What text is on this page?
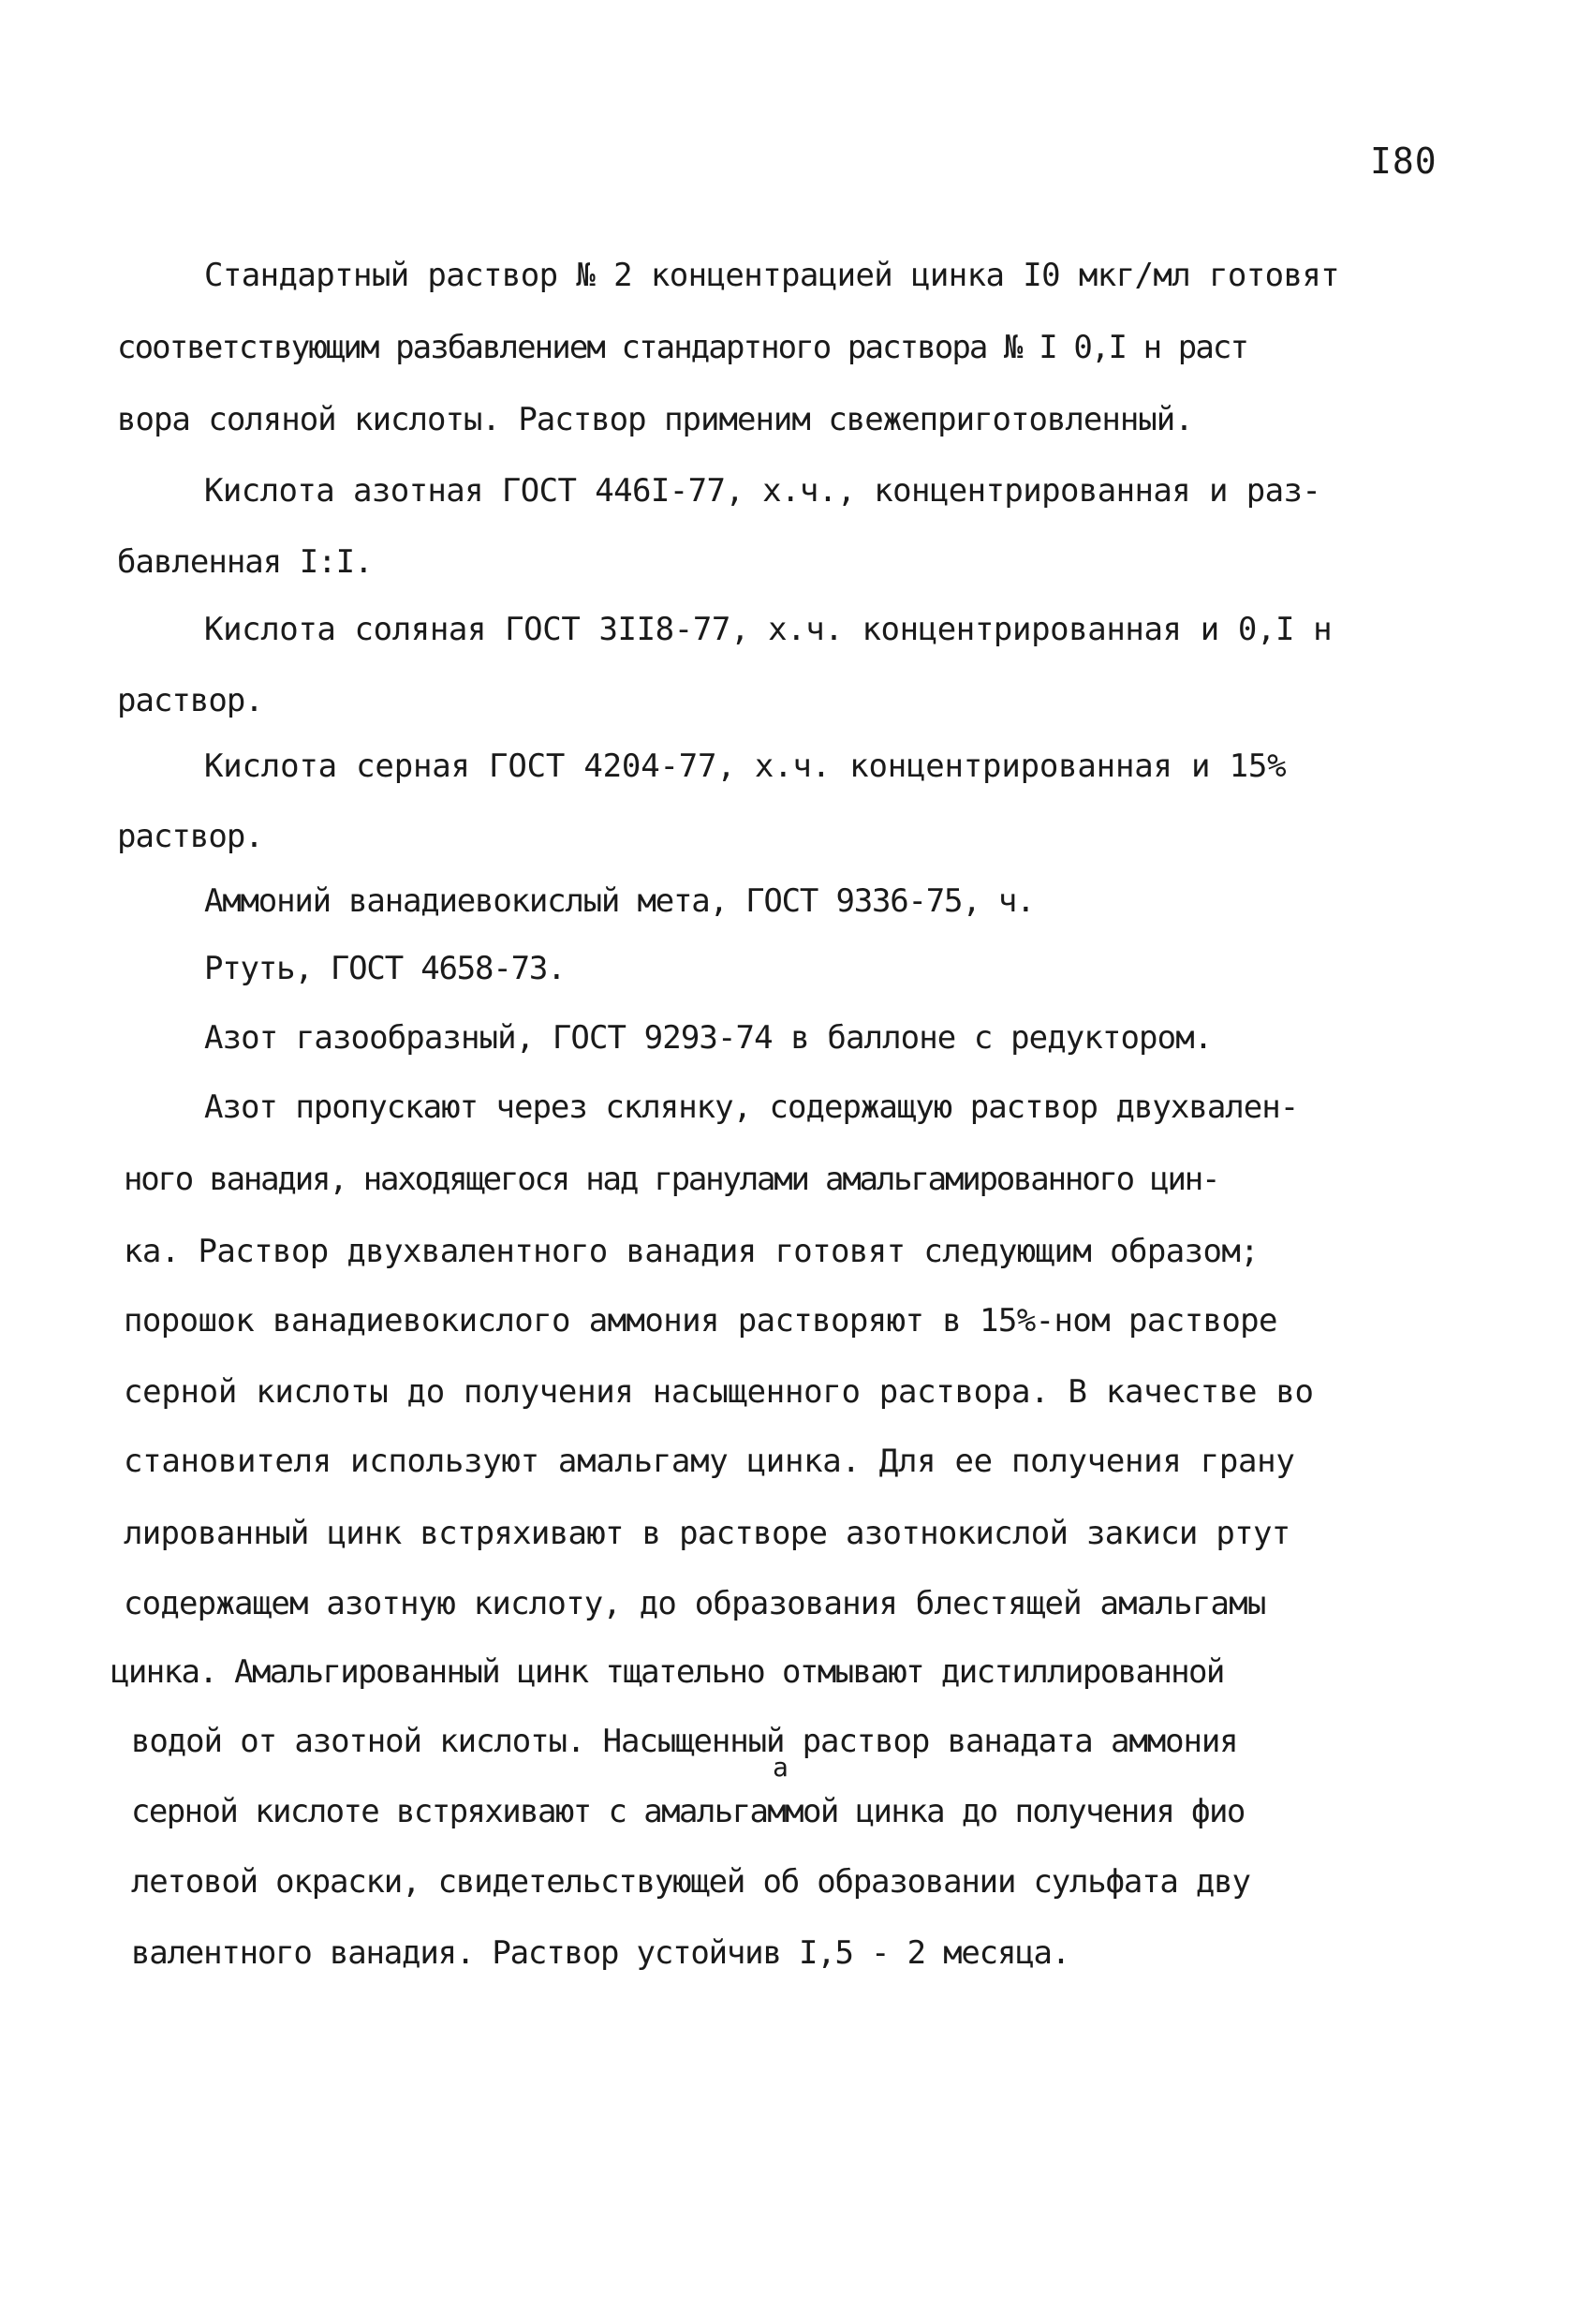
I80
Стандартный раствор № 2 концентрацией цинка I0 мкг/мл готовят
соответствующим разбавлением стандартного раствора № I 0,I н раст
вора соляной кислоты. Раствор применим свежеприготовленный.
Кислота азотная ГОСТ 446I-77, х.ч., концентрированная и раз-
бавленная I:I.
Кислота соляная ГОСТ 3II8-77, х.ч. концентрированная и 0,I н
раствор.
Кислота серная ГОСТ 4204-77, х.ч. концентрированная и 15%
раствор.
Аммоний ванадиевокислый мета, ГОСТ 9336-75, ч.
Ртуть, ГОСТ 4658-73.
Азот газообразный, ГОСТ 9293-74 в баллоне с редуктором.
Азот пропускают через склянку, содержащую раствор двухвален-
ного ванадия, находящегося над гранулами амальгамированного цин-
ка. Раствор двухвалентного ванадия готовят следующим образом;
порошок ванадиевокислого аммония растворяют в 15%-ном растворе
серной кислоты до получения насыщенного раствора. В качестве во
становителя используют амальгаму цинка. Для ее получения грану
лированный цинк встряхивают в растворе азотнокислой закиси ртут
содержащем азотную кислоту, до образования блестящей амальгамы
цинка. Амальгированный цинк тщательно отмывают дистиллированной
водой от азотной кислоты. Насыщенный раствор ванадата аммония
а
серной кислоте встряхивают с амальгаммой цинка до получения фио
летовой окраски, свидетельствующей об образовании сульфата дву
валентного ванадия. Раствор устойчив I,5 - 2 месяца.
